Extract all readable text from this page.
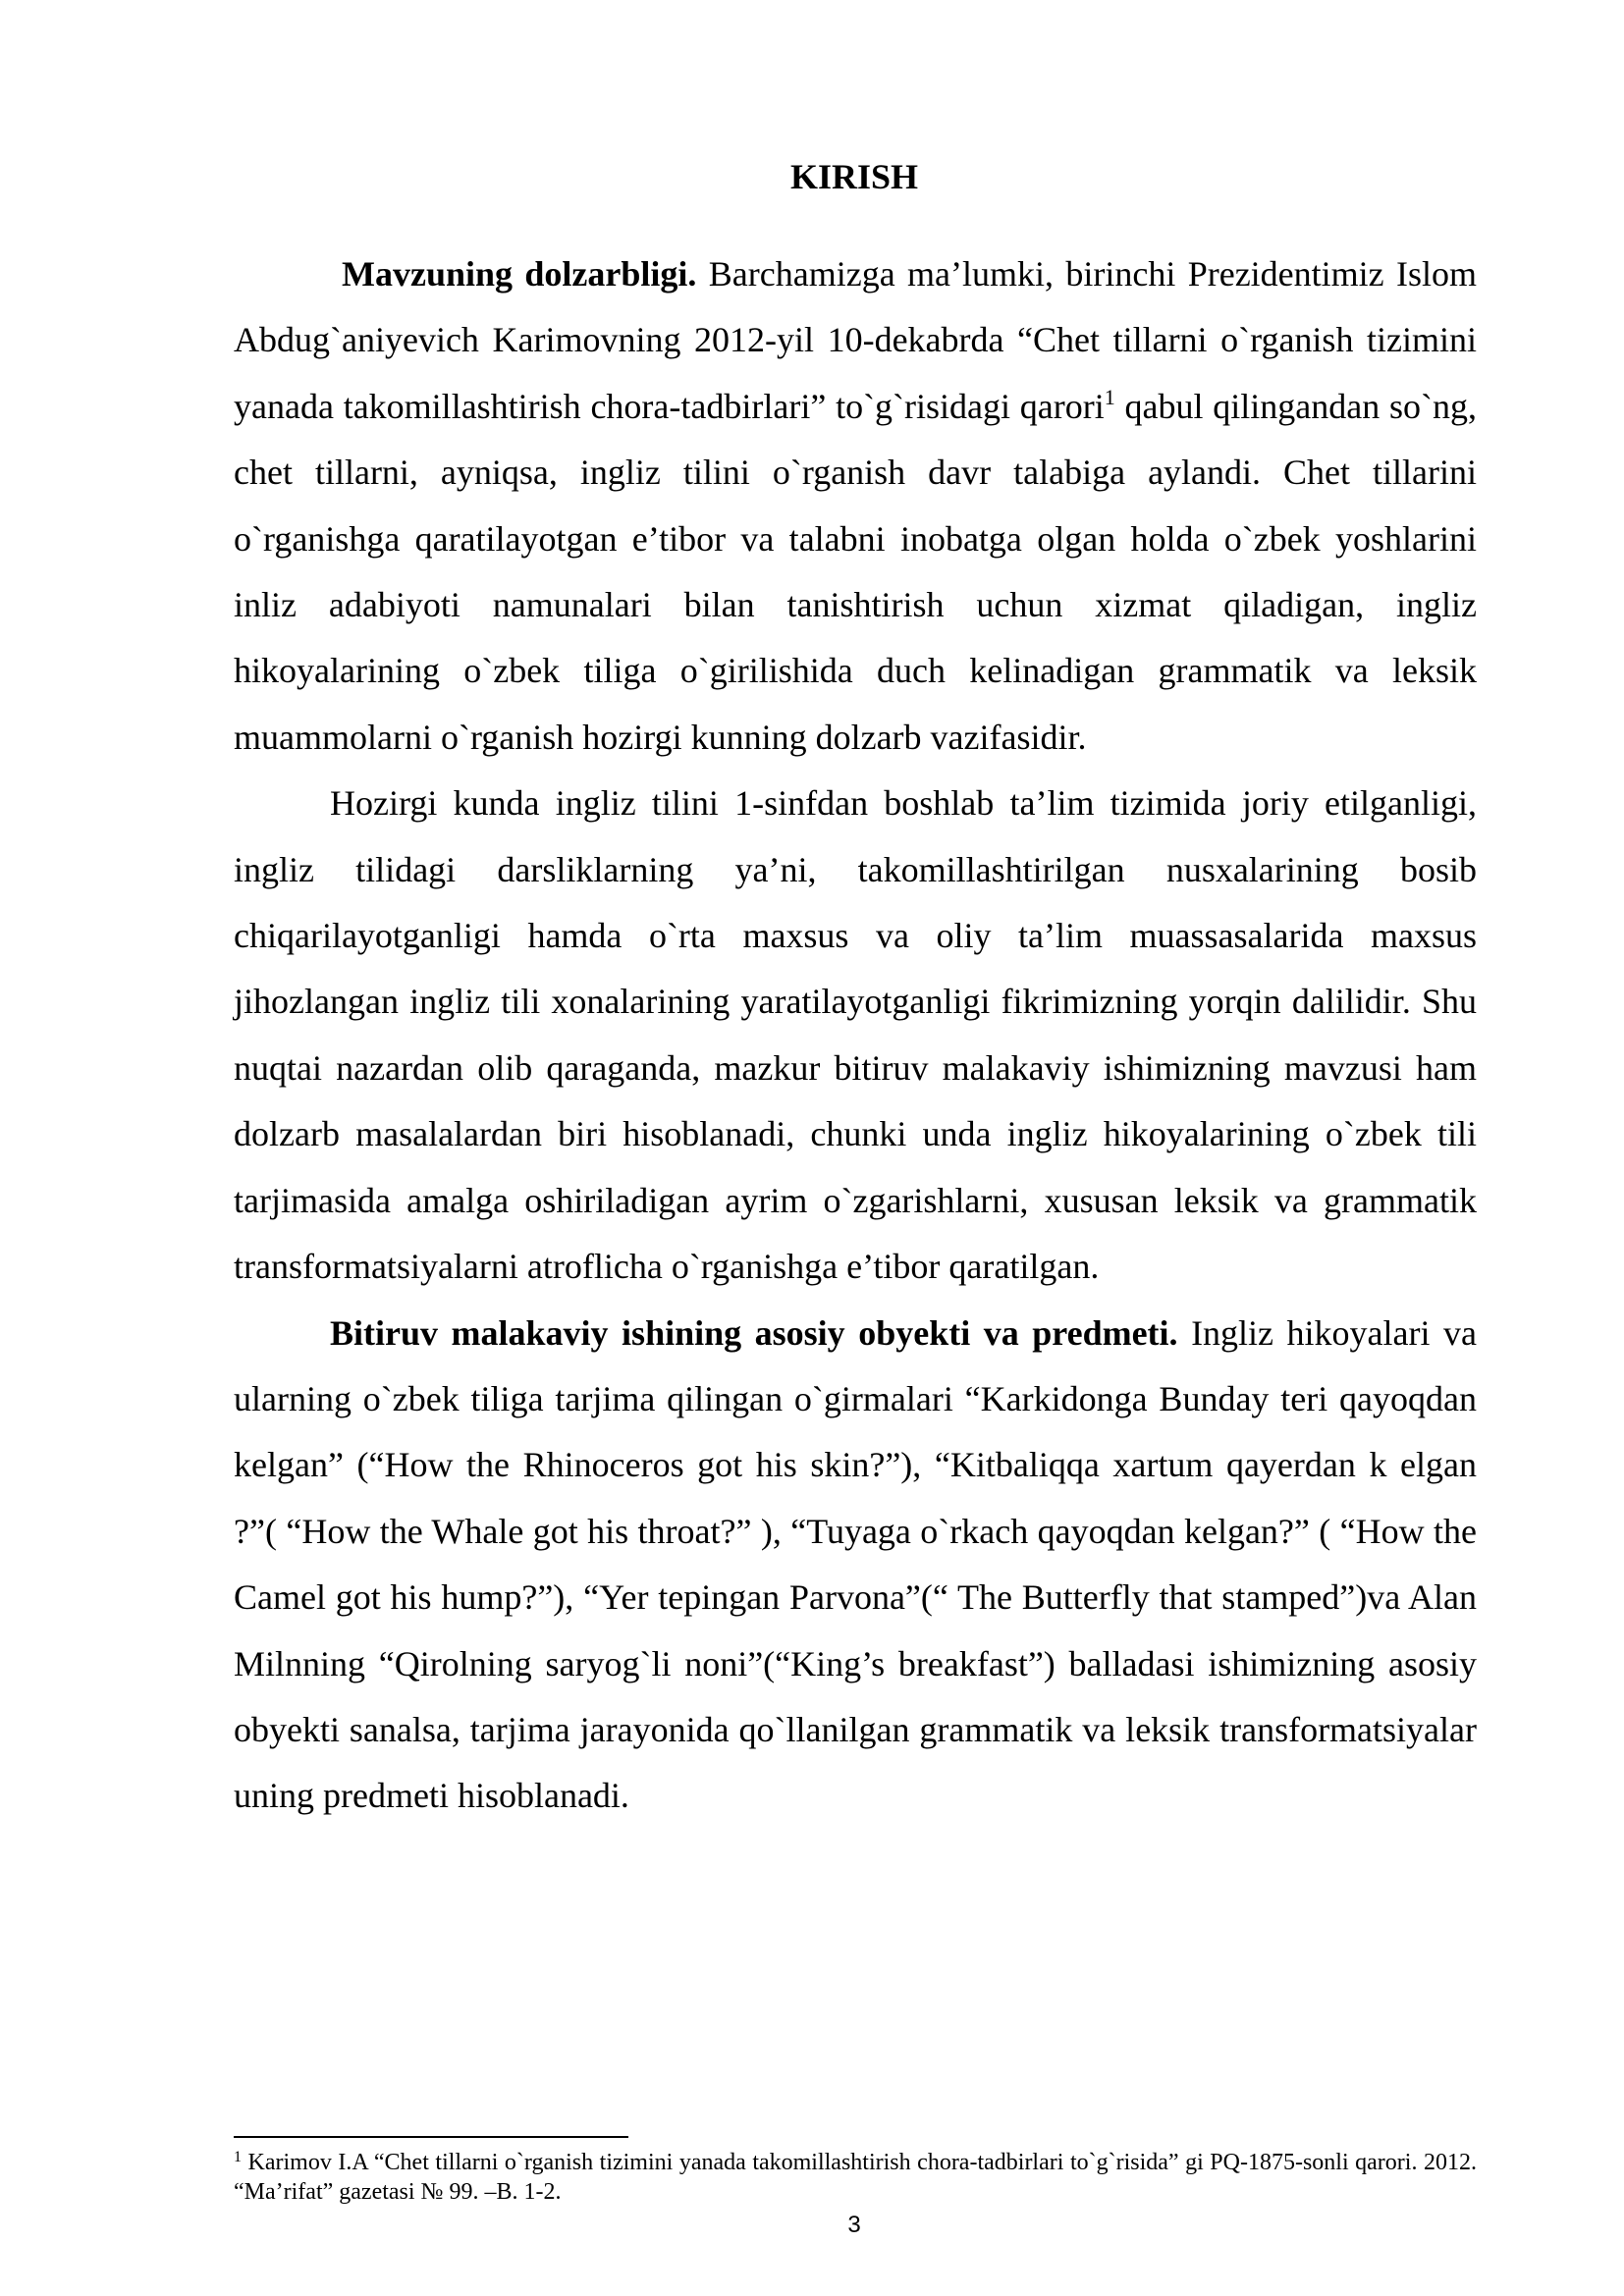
KIRISH

Mavzuning dolzarbligi. Barchamizga ma’lumki, birinchi Prezidentimiz Islom Abdug`aniyevich Karimovning 2012-yil 10-dekabrda “Chet tillarni o`rganish tizimini yanada takomillashtirish chora-tadbirlari” to`g`risidagi qarori$^1$ qabul qilingandan so`ng, chet tillarni, ayniqsa, ingliz tilini o`rganish davr talabiga aylandi. Chet tillarini o`rganishga qaratilayotgan e’tibor va talabni inobatga olgan holda o`zbek yoshlarini inliz adabiyoti namunalari bilan tanishtirish uchun xizmat qiladigan, ingliz hikoyalarining o`zbek tiliga o`girilishida duch kelinadigan grammatik va leksik muammolarni o`rganish hozirgi kunning dolzarb vazifasidir.

Hozirgi kunda ingliz tilini 1-sinfdan boshlab ta’lim tizimida joriy etilganligi, ingliz tilidagi darsliklarning ya’ni, takomillashtirilgan nusxalarining bosib chiqarilayotganligi hamda o`rta maxsus va oliy ta’lim muassasalarida maxsus jihozlangan ingliz tili xonalarining yaratilayotganligi fikrimizning yorqin dalilidir. Shu nuqtai nazardan olib qaraganda, mazkur bitiruv malakaviy ishimizning mavzusi ham dolzarb masalalardan biri hisoblanadi, chunki unda ingliz hikoyalarining o`zbek tili tarjimasida amalga oshiriladigan ayrim o`zgarishlarni, xususan leksik va grammatik transformatsiyalarni atroflicha o`rganishga e’tibor qaratilgan.

Bitiruv malakaviy ishining asosiy obyekti va predmeti. Ingliz hikoyalari va ularning o`zbek tiliga tarjima qilingan o`girmalari “Karkidonga Bunday teri qayoqdan kelgan” (“How the Rhinoceros got his skin?”), “Kitbaliqqa xartum qayerdan k elgan ?”( “How the Whale got his throat?” ), “Tuyaga o`rkach qayoqdan kelgan?” ( “How the Camel got his hump?”), “Yer tepingan Parvona”(“ The Butterfly that stamped”)va Alan Milnning “Qirolning saryog`li noni”(“King’s breakfast”) balladasi ishimizning asosiy obyekti sanalsa, tarjima jarayonida qo`llanilgan grammatik va leksik transformatsiyalar uning predmeti hisoblanadi.

$^1$ Karimov I.A “Chet tillarni o`rganish tizimini yanada takomillashtirish chora-tadbirlari to`g`risida” gi PQ-1875-sonli qarori. 2012. “Ma’rifat” gazetasi № 99. –B. 1-2.
3
